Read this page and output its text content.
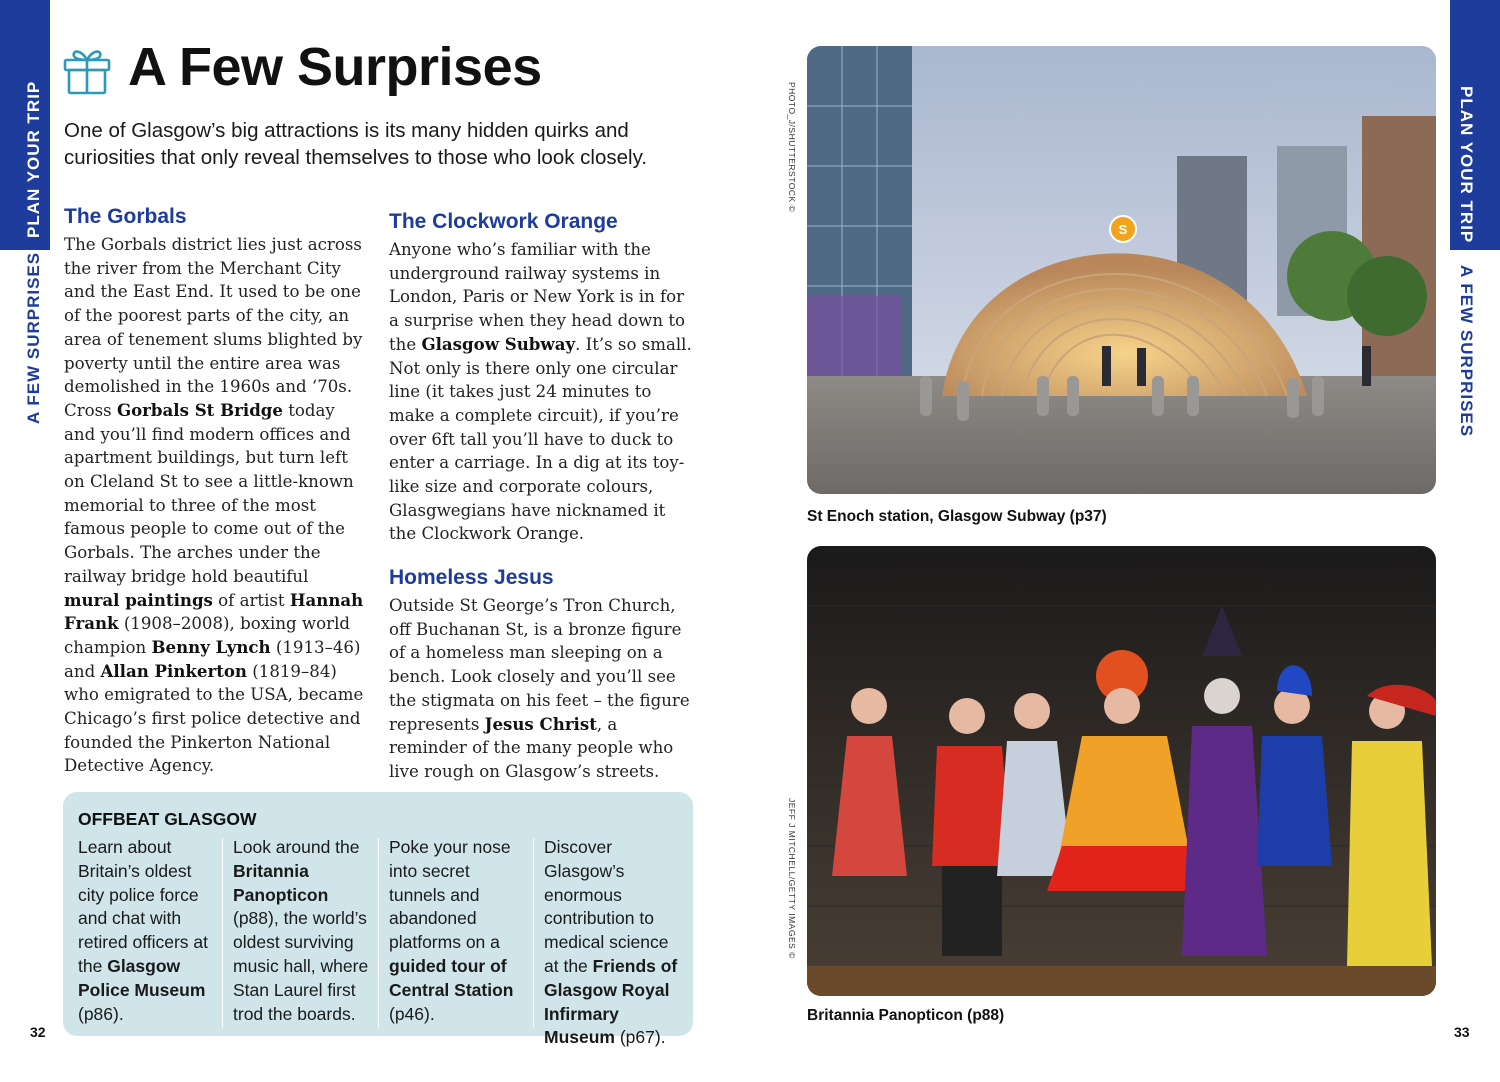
PLAN YOUR TRIP
A FEW SURPRISES
PLAN YOUR TRIP
A FEW SURPRISES
A Few Surprises

One of Glasgow’s big attractions is its many hidden quirks and curiosities that only reveal themselves to those who look closely.

The Gorbals

The Gorbals district lies just across the river from the Merchant City and the East End. It used to be one of the poorest parts of the city, an area of tenement slums blighted by poverty until the entire area was demolished in the 1960s and ‘70s. Cross Gorbals St Bridge today and you’ll find modern offices and apartment buildings, but turn left on Cleland St to see a little-known memorial to three of the most famous people to come out of the Gorbals. The arches under the railway bridge hold beautiful mural paintings of artist Hannah Frank (1908–2008), boxing world champion Benny Lynch (1913–46) and Allan Pinkerton (1819–84) who emigrated to the USA, became Chicago’s first police detective and founded the Pinkerton National Detective Agency.

The Clockwork Orange

Anyone who’s familiar with the underground railway systems in London, Paris or New York is in for a surprise when they head down to the Glasgow Subway. It’s so small. Not only is there only one circular line (it takes just 24 minutes to make a complete circuit), if you’re over 6ft tall you’ll have to duck to enter a carriage. In a dig at its toy-like size and corporate colours, Glasgwegians have nicknamed it the Clockwork Orange.

Homeless Jesus

Outside St George’s Tron Church, off Buchanan St, is a bronze figure of a homeless man sleeping on a bench. Look closely and you’ll see the stigmata on his feet – the figure represents Jesus Christ, a reminder of the many people who live rough on Glasgow’s streets.

OFFBEAT GLASGOW

Learn about Britain’s oldest city police force and chat with retired officers at the Glasgow Police Museum (p86).

Look around the Britannia Panopticon (p88), the world’s oldest surviving music hall, where Stan Laurel first trod the boards.

Poke your nose into secret tunnels and abandoned platforms on a guided tour of Central Station (p46).

Discover Glasgow’s enormous contribution to medical science at the Friends of Glasgow Royal Infirmary Museum (p67).

32	33
PHOTO_J/SHUTTERSTOCK ©
S
St Enoch station, Glasgow Subway (p37)
JEFF J MITCHELL/GETTY IMAGES ©
Britannia Panopticon (p88)
